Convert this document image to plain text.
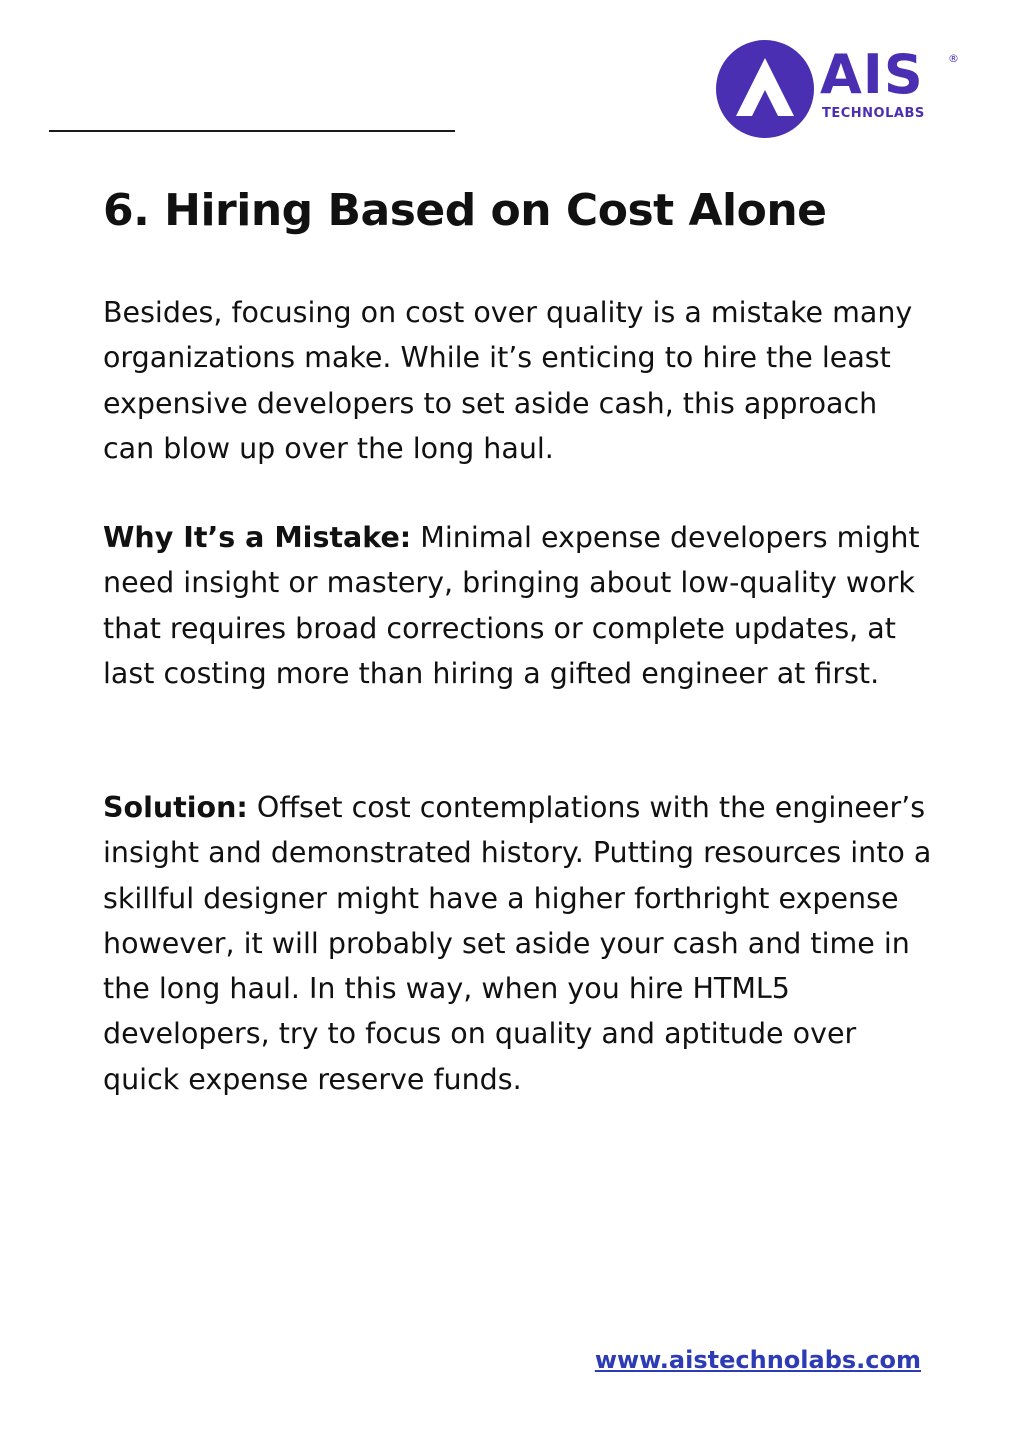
AIS ®
TECHNOLABS
6. Hiring Based on Cost Alone

Besides, focusing on cost over quality is a mistake many organizations make. While it’s enticing to hire the least expensive developers to set aside cash, this approach can blow up over the long haul.

Why It’s a Mistake: Minimal expense developers might need insight or mastery, bringing about low-quality work that requires broad corrections or complete updates, at last costing more than hiring a gifted engineer at first.

Solution: Offset cost contemplations with the engineer’s insight and demonstrated history. Putting resources into a skillful designer might have a higher forthright expense however, it will probably set aside your cash and time in the long haul. In this way, when you hire HTML5 developers, try to focus on quality and aptitude over quick expense reserve funds.

www.aistechnolabs.com
